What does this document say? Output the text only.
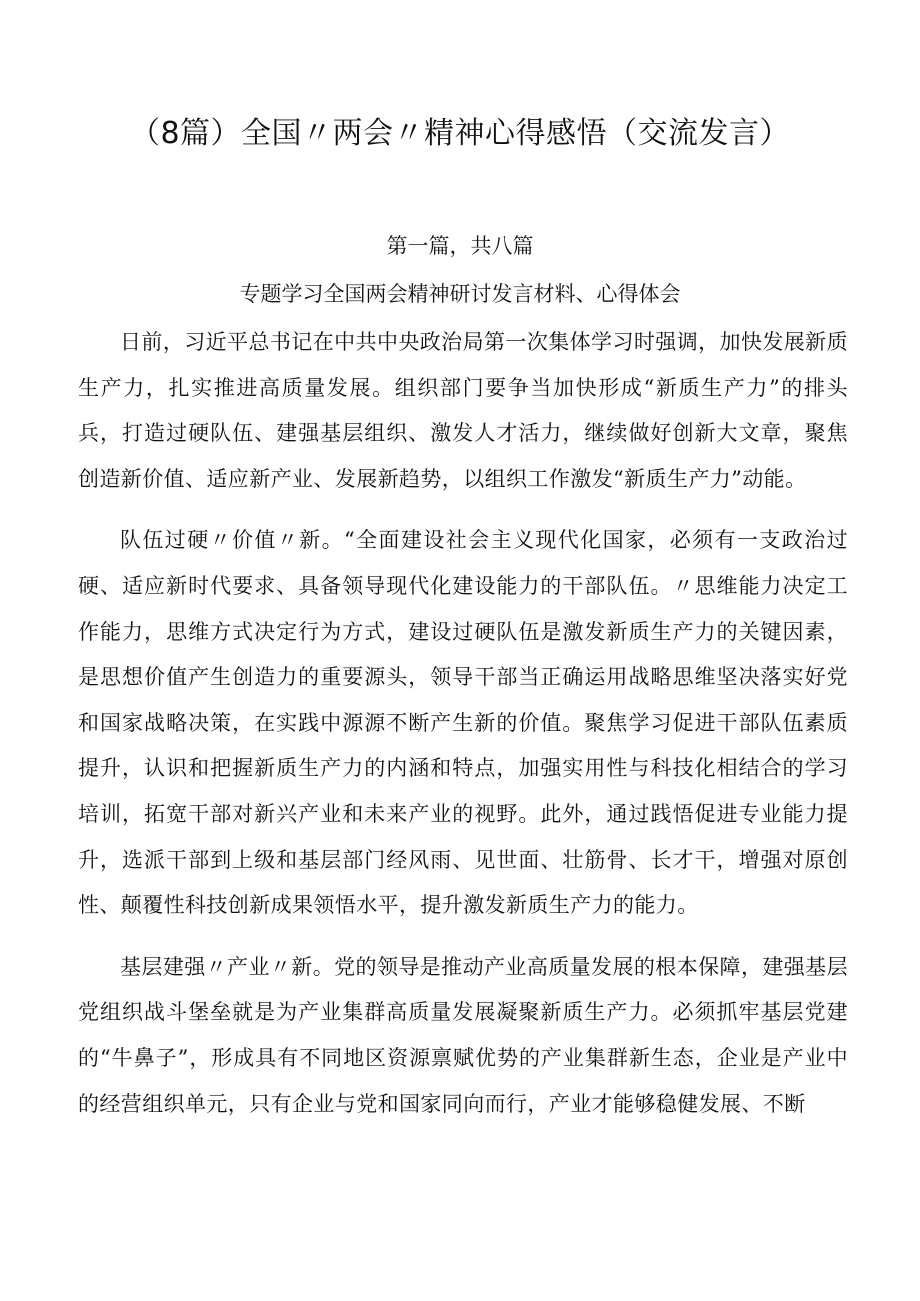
（8篇）全国〃两会〃精神心得感悟（交流发言）
第一篇，共八篇
专题学习全国两会精神研讨发言材料、心得体会

日前，习近平总书记在中共中央政治局第一次集体学习时强调，加快发展新质生产力，扎实推进高质量发展。组织部门要争当加快形成“新质生产力”的排头兵，打造过硬队伍、建强基层组织、激发人才活力，继续做好创新大文章，聚焦创造新价值、适应新产业、发展新趋势，以组织工作激发“新质生产力”动能。

队伍过硬〃价值〃新。“全面建设社会主义现代化国家，必须有一支政治过硬、适应新时代要求、具备领导现代化建设能力的干部队伍。〃思维能力决定工作能力，思维方式决定行为方式，建设过硬队伍是激发新质生产力的关键因素，是思想价值产生创造力的重要源头，领导干部当正确运用战略思维坚决落实好党和国家战略决策，在实践中源源不断产生新的价值。聚焦学习促进干部队伍素质提升，认识和把握新质生产力的内涵和特点，加强实用性与科技化相结合的学习培训，拓宽干部对新兴产业和未来产业的视野。此外，通过践悟促进专业能力提升，选派干部到上级和基层部门经风雨、见世面、壮筋骨、长才干，增强对原创性、颠覆性科技创新成果领悟水平，提升激发新质生产力的能力。

基层建强〃产业〃新。党的领导是推动产业高质量发展的根本保障，建强基层党组织战斗堡垒就是为产业集群高质量发展凝聚新质生产力。必须抓牢基层党建的“牛鼻子”，形成具有不同地区资源禀赋优势的产业集群新生态，企业是产业中的经营组织单元，只有企业与党和国家同向而行，产业才能够稳健发展、不断
